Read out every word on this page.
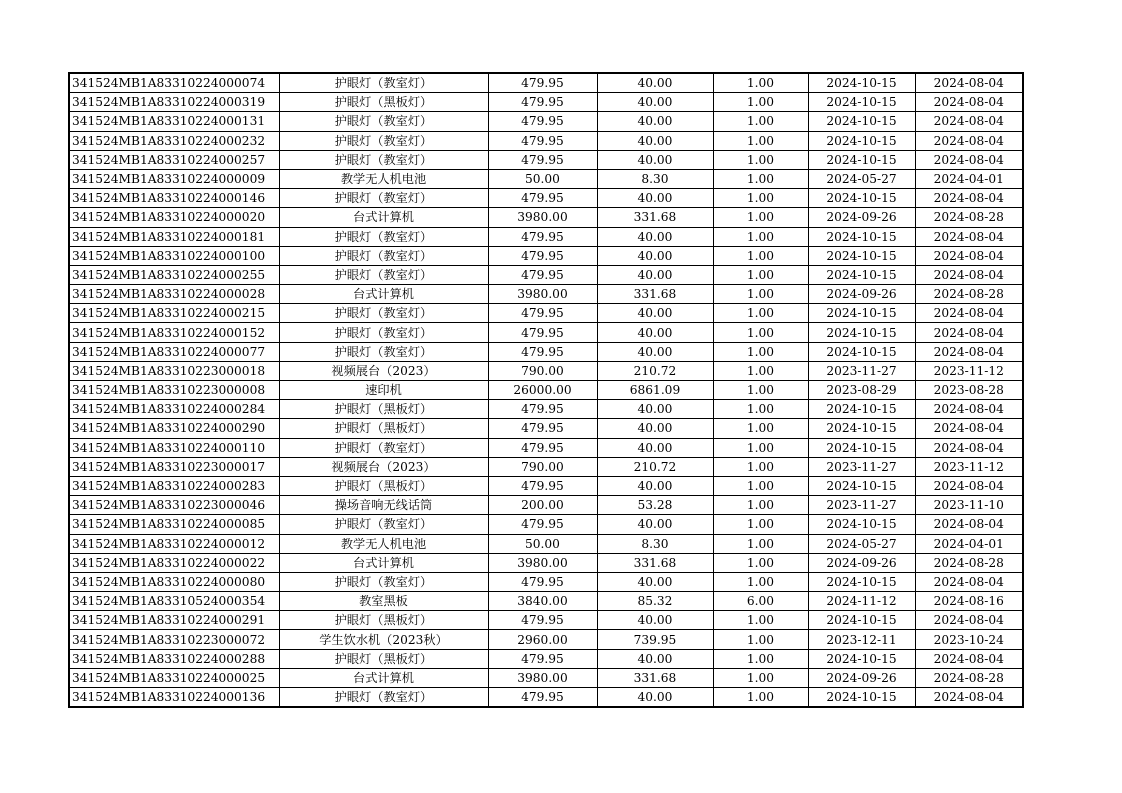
341524MB1A83310224000074	护眼灯（教室灯）	479.95	40.00	1.00	2024-10-15	2024-08-04
341524MB1A83310224000319	护眼灯（黑板灯）	479.95	40.00	1.00	2024-10-15	2024-08-04
341524MB1A83310224000131	护眼灯（教室灯）	479.95	40.00	1.00	2024-10-15	2024-08-04
341524MB1A83310224000232	护眼灯（教室灯）	479.95	40.00	1.00	2024-10-15	2024-08-04
341524MB1A83310224000257	护眼灯（教室灯）	479.95	40.00	1.00	2024-10-15	2024-08-04
341524MB1A83310224000009	教学无人机电池	50.00	8.30	1.00	2024-05-27	2024-04-01
341524MB1A83310224000146	护眼灯（教室灯）	479.95	40.00	1.00	2024-10-15	2024-08-04
341524MB1A83310224000020	台式计算机	3980.00	331.68	1.00	2024-09-26	2024-08-28
341524MB1A83310224000181	护眼灯（教室灯）	479.95	40.00	1.00	2024-10-15	2024-08-04
341524MB1A83310224000100	护眼灯（教室灯）	479.95	40.00	1.00	2024-10-15	2024-08-04
341524MB1A83310224000255	护眼灯（教室灯）	479.95	40.00	1.00	2024-10-15	2024-08-04
341524MB1A83310224000028	台式计算机	3980.00	331.68	1.00	2024-09-26	2024-08-28
341524MB1A83310224000215	护眼灯（教室灯）	479.95	40.00	1.00	2024-10-15	2024-08-04
341524MB1A83310224000152	护眼灯（教室灯）	479.95	40.00	1.00	2024-10-15	2024-08-04
341524MB1A83310224000077	护眼灯（教室灯）	479.95	40.00	1.00	2024-10-15	2024-08-04
341524MB1A83310223000018	视频展台（2023）	790.00	210.72	1.00	2023-11-27	2023-11-12
341524MB1A83310223000008	速印机	26000.00	6861.09	1.00	2023-08-29	2023-08-28
341524MB1A83310224000284	护眼灯（黑板灯）	479.95	40.00	1.00	2024-10-15	2024-08-04
341524MB1A83310224000290	护眼灯（黑板灯）	479.95	40.00	1.00	2024-10-15	2024-08-04
341524MB1A83310224000110	护眼灯（教室灯）	479.95	40.00	1.00	2024-10-15	2024-08-04
341524MB1A83310223000017	视频展台（2023）	790.00	210.72	1.00	2023-11-27	2023-11-12
341524MB1A83310224000283	护眼灯（黑板灯）	479.95	40.00	1.00	2024-10-15	2024-08-04
341524MB1A83310223000046	操场音响无线话筒	200.00	53.28	1.00	2023-11-27	2023-11-10
341524MB1A83310224000085	护眼灯（教室灯）	479.95	40.00	1.00	2024-10-15	2024-08-04
341524MB1A83310224000012	教学无人机电池	50.00	8.30	1.00	2024-05-27	2024-04-01
341524MB1A83310224000022	台式计算机	3980.00	331.68	1.00	2024-09-26	2024-08-28
341524MB1A83310224000080	护眼灯（教室灯）	479.95	40.00	1.00	2024-10-15	2024-08-04
341524MB1A83310524000354	教室黑板	3840.00	85.32	6.00	2024-11-12	2024-08-16
341524MB1A83310224000291	护眼灯（黑板灯）	479.95	40.00	1.00	2024-10-15	2024-08-04
341524MB1A83310223000072	学生饮水机（2023秋）	2960.00	739.95	1.00	2023-12-11	2023-10-24
341524MB1A83310224000288	护眼灯（黑板灯）	479.95	40.00	1.00	2024-10-15	2024-08-04
341524MB1A83310224000025	台式计算机	3980.00	331.68	1.00	2024-09-26	2024-08-28
341524MB1A83310224000136	护眼灯（教室灯）	479.95	40.00	1.00	2024-10-15	2024-08-04
